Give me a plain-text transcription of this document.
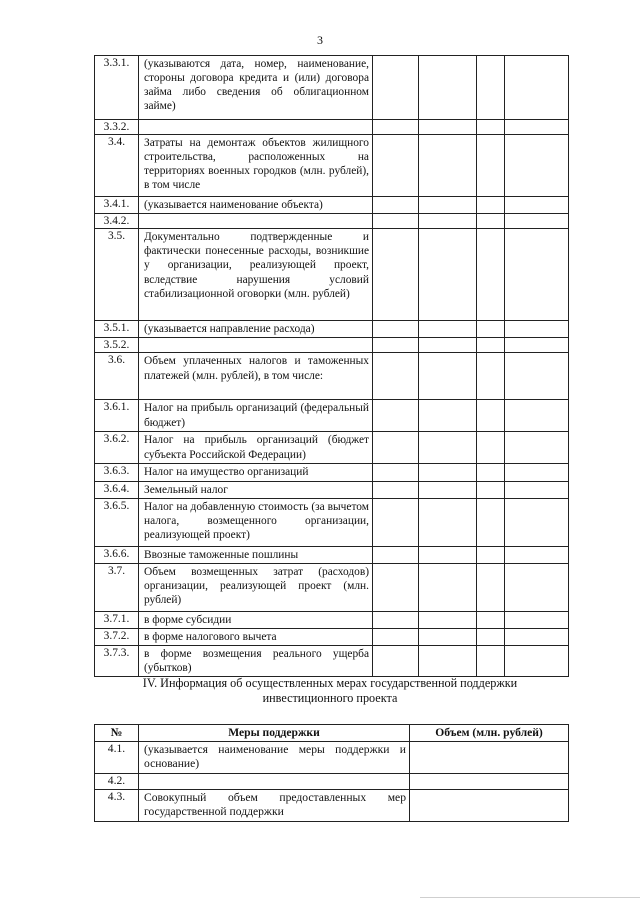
3
3.3.1.	(указываются дата, номер, наименование, стороны договора кредита и (или) договора займа либо сведения об облигационном займе)				
3.3.2.					
3.4.	Затраты на демонтаж объектов жилищного строительства, расположенных на территориях военных городков (млн. рублей), в том числе				
3.4.1.	(указывается наименование объекта)				
3.4.2.					
3.5.	Документально подтвержденные и фактически понесенные расходы, возникшие у организации, реализующей проект, вследствие нарушения условий стабилизационной оговорки (млн. рублей)				
3.5.1.	(указывается направление расхода)				
3.5.2.					
3.6.	Объем уплаченных налогов и таможенных платежей (млн. рублей), в том числе:				
3.6.1.	Налог на прибыль организаций (федеральный бюджет)				
3.6.2.	Налог на прибыль организаций (бюджет субъекта Российской Федерации)				
3.6.3.	Налог на имущество организаций				
3.6.4.	Земельный налог				
3.6.5.	Налог на добавленную стоимость (за вычетом налога, возмещенного организации, реализующей проект)				
3.6.6.	Ввозные таможенные пошлины				
3.7.	Объем возмещенных затрат (расходов) организации, реализующей проект (млн. рублей)				
3.7.1.	в форме субсидии				
3.7.2.	в форме налогового вычета				
3.7.3.	в форме возмещения реального ущерба (убытков)				
IV. Информация об осуществленных мерах государственной поддержки
инвестиционного проекта
№	Меры поддержки	Объем (млн. рублей)
4.1.	(указывается наименование меры поддержки и основание)	
4.2.		
4.3.	Совокупный объем предоставленных мер государственной поддержки	
